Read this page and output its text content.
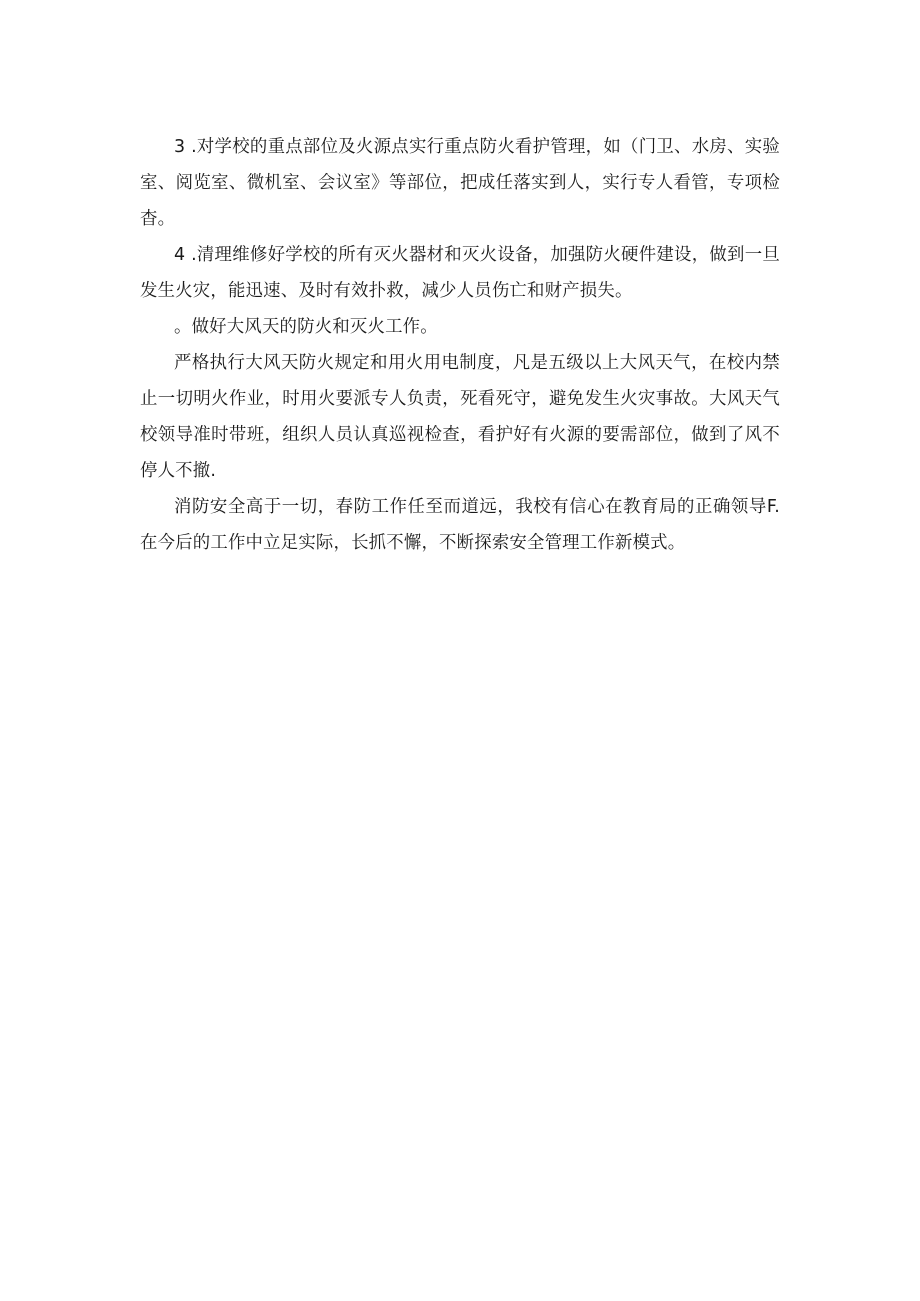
3 .对学校的重点部位及火源点实行重点防火看护管理，如（门卫、水房、实验室、阅览室、微机室、会议室》等部位，把成任落实到人，实行专人看管，专项检杳。

4 .清理维修好学校的所有灭火器材和灭火设备，加强防火硬件建设，做到一旦发生火灾，能迅速、及时有效扑救，减少人员伤亡和财产损失。

。做好大风天的防火和灭火工作。

严格执行大风天防火规定和用火用电制度，凡是五级以上大风天气，在校内禁止一切明火作业，时用火要派专人负责，死看死守，避免发生火灾事故。大风天气校领导准时带班，组织人员认真巡视检查，看护好有火源的要需部位，做到了风不停人不撤.

消防安全高于一切，春防工作任至而道远，我校有信心在教育局的正确领导F.在今后的工作中立足实际，长抓不懈，不断探索安全管理工作新模式。
